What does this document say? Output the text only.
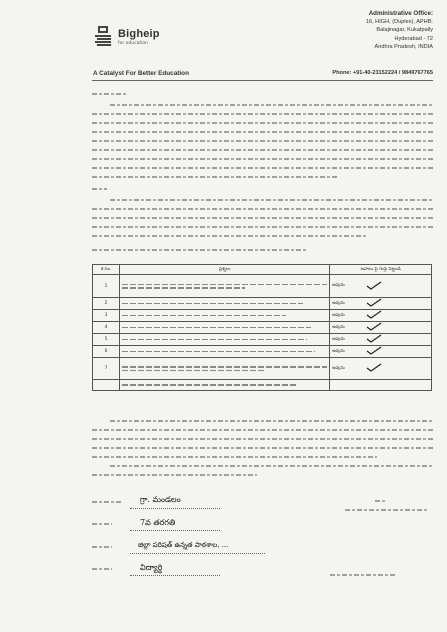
Bigheip
for education
A Catalyst For Better Education
Administrative Office:
16, HIGH, (Duplex), APHB.
Balajinagar, Kukatpally
Hyderabad - 72
Andhra Pradesh, INDIA
Phone: +91-40-23152224 / 9849767765
క.సం.	ప్రశ్నలు	జవాబు పై గుర్తు పెట్టండి	
1		అవును	
2		అవును	
3		అవును	
4		అవును	
5		అవును	
6		అవును	
7		అవును	

గ్రా. మండలం
7వ తరగతి
జిల్లా పరిషత్ ఉన్నత పాఠశాల, ...
విద్యార్థి
